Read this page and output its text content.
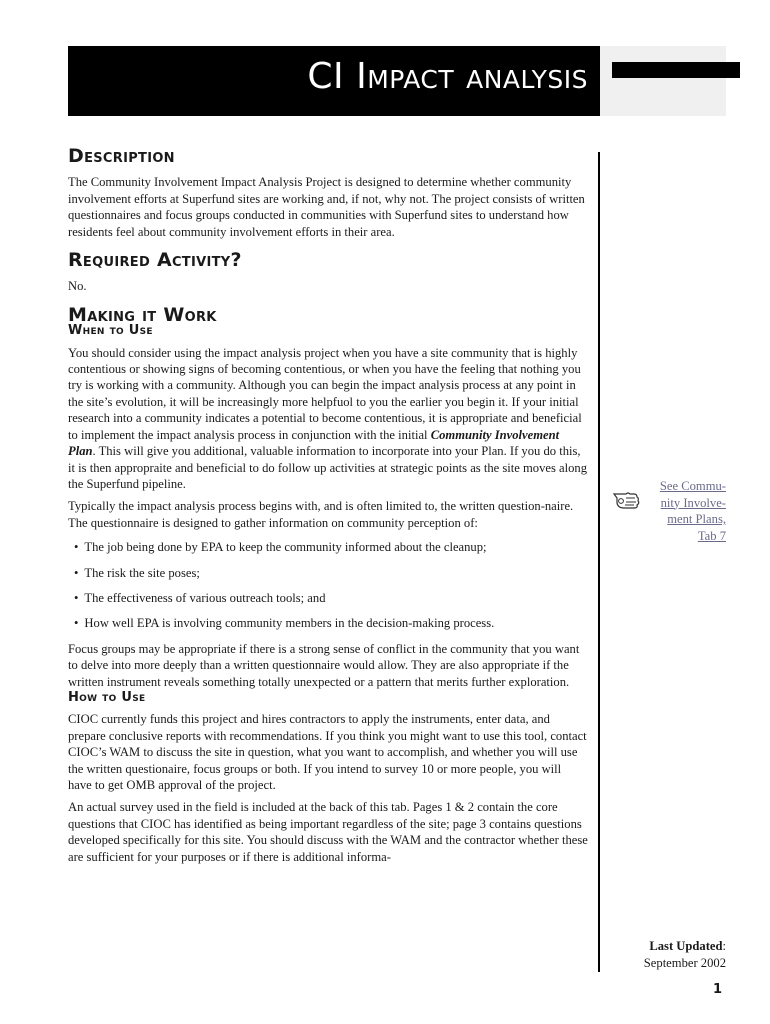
CI Impact analysis
Description

The Community Involvement Impact Analysis Project is designed to determine whether community involvement efforts at Superfund sites are working and, if not, why not. The project consists of written questionnaires and focus groups conducted in communities with Superfund sites to understand how residents feel about community involvement efforts in their area.

Required Activity?

No.

Making it Work
When to Use

You should consider using the impact analysis project when you have a site community that is highly contentious or showing signs of becoming contentious, or when you have the feeling that nothing you try is working with a community. Although you can begin the impact analysis process at any point in the site’s evolution, it will be increasingly more helpfuol to you the earlier you begin it. If your initial research into a community indicates a potential to become contentious, it is appropriate and beneficial to implement the impact analysis process in conjunction with the initial Community Involvement Plan. This will give you additional, valuable information to incorporate into your Plan. If you do this, it is then appropraite and beneficial to do follow up activities at strategic points as the site moves along the Superfund pipeline.

Typically the impact analysis process begins with, and is often limited to, the written question-naire. The questionnaire is designed to gather information on community perception of:

• The job being done by EPA to keep the community informed about the cleanup;
• The risk the site poses;
• The effectiveness of various outreach tools; and
• How well EPA is involving community members in the decision-making process.

Focus groups may be appropriate if there is a strong sense of conflict in the community that you want to delve into more deeply than a written questionnaire would allow. They are also appropriate if the written instrument reveals something totally unexpected or a pattern that merits further exploration.

How to Use

CIOC currently funds this project and hires contractors to apply the instruments, enter data, and prepare conclusive reports with recommendations. If you think you might want to use this tool, contact CIOC’s WAM to discuss the site in question, what you want to accomplish, and whether you will use the written questionaire, focus groups or both. If you intend to survey 10 or more people, you will have to get OMB approval of the project.

An actual survey used in the field is included at the back of this tab. Pages 1 & 2 contain the core questions that CIOC has identified as being important regardless of the site; page 3 contains questions developed specifically for this site. You should discuss with the WAM and the contractor whether these are sufficient for your purposes or if there is additional informa-

See Commu-
nity Involve-
ment Plans,
Tab 7
Last Updated:
September 2002
1
